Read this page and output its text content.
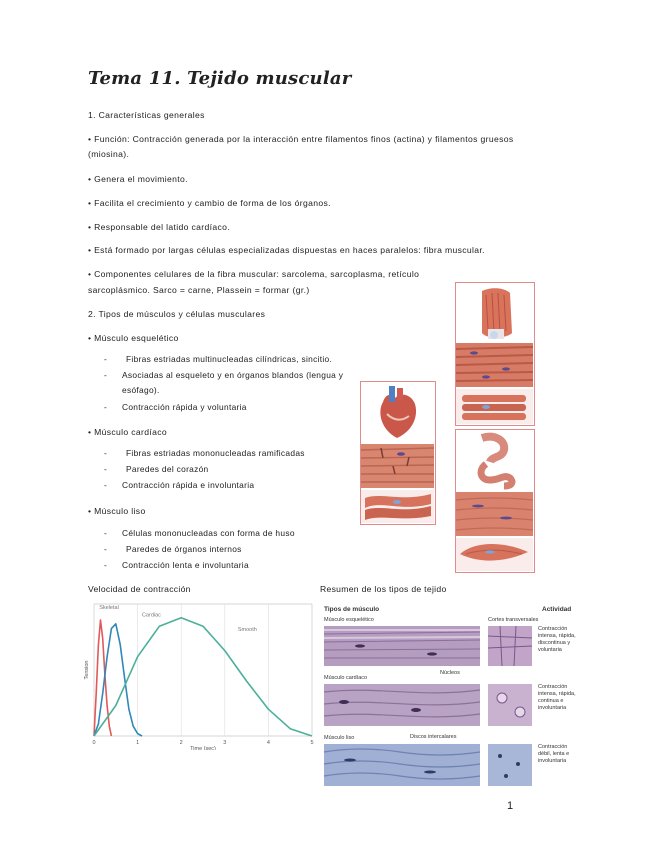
Tema 11. Tejido muscular
1. Características generales
• Función: Contracción generada por la interacción entre filamentos finos (actina) y filamentos gruesos
(miosina).
• Genera el movimiento.
• Facilita el crecimiento y cambio de forma de los órganos.
• Responsable del latido cardíaco.
• Está formado por largas células especializadas dispuestas en haces paralelos: fibra muscular.
• Componentes celulares de la fibra muscular: sarcolema, sarcoplasma, retículo
sarcoplásmico. Sarco = carne, Plassein = formar (gr.)
2. Tipos de músculos y células musculares
• Músculo esquelético
- Fibras estriadas multinucleadas cilíndricas, sincitio.
- Asociadas al esqueleto y en órganos blandos (lengua y
esófago).
- Contracción rápida y voluntaria
• Músculo cardíaco
- Fibras estriadas mononucleadas ramificadas
- Paredes del corazón
- Contracción rápida e involuntaria
• Músculo liso
- Células mononucleadas con forma de huso
- Paredes de órganos internos
- Contracción lenta e involuntaria
Velocidad de contracción	Resumen de los tipos de tejido
0	1	2	3	4	5
Time (sec)
Tension
Skeletal
Cardiac
Smooth
Tipos de músculo	Actividad
Cortes transversales
Músculo esquelético
Músculo cardíaco
Músculo liso
Núcleos
Discos intercalares
Contracción
intensa, rápida,
discontinua y
voluntaria
Contracción
intensa, rápida,
continua e
involuntaria
Contracción
débil, lenta e
involuntaria
1
